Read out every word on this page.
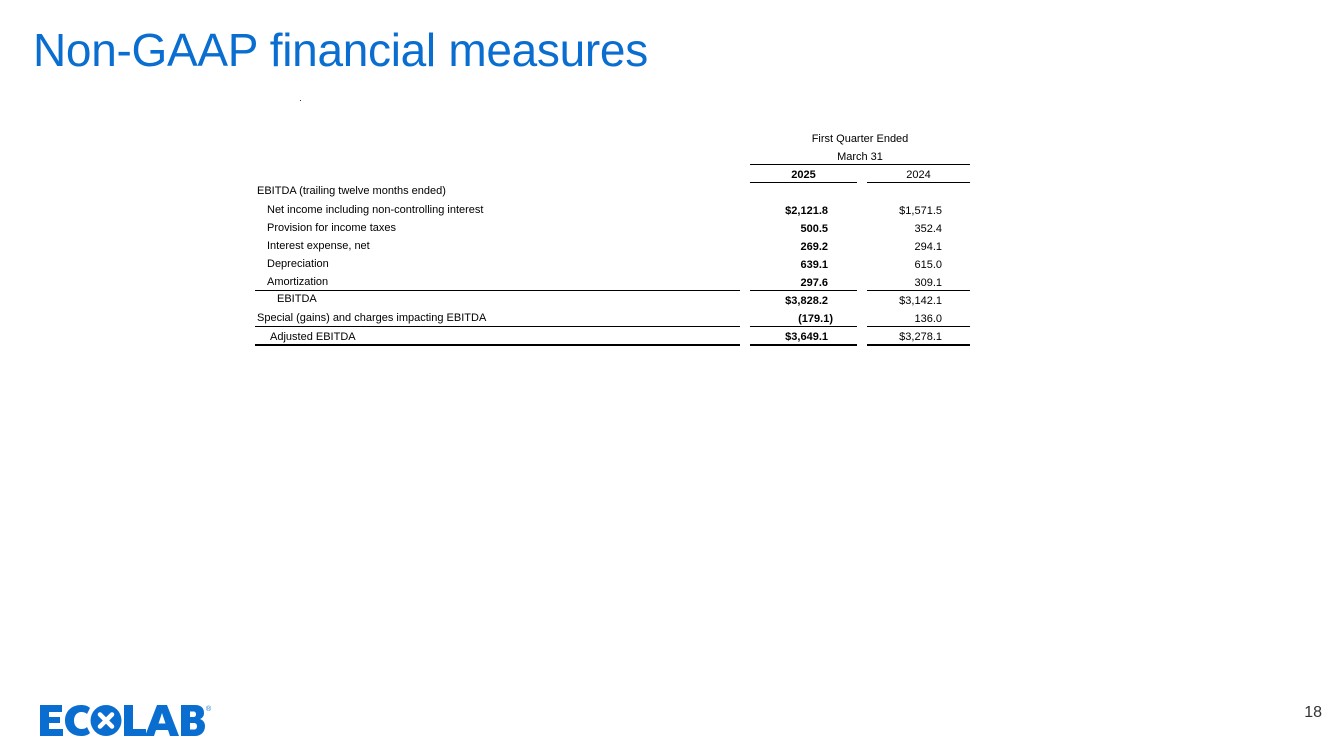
Non-GAAP financial measures
First Quarter Ended
March 31
2025	2024
EBITDA (trailing twelve months ended)
Net income including non-controlling interest	$2,121.8	$1,571.5
Provision for income taxes	500.5	352.4
Interest expense, net	269.2	294.1
Depreciation	639.1	615.0
Amortization	297.6	309.1
EBITDA	$3,828.2	$3,142.1
Special (gains) and charges impacting EBITDA	(179.1)	136.0
Adjusted EBITDA	$3,649.1	$3,278.1
®	18
